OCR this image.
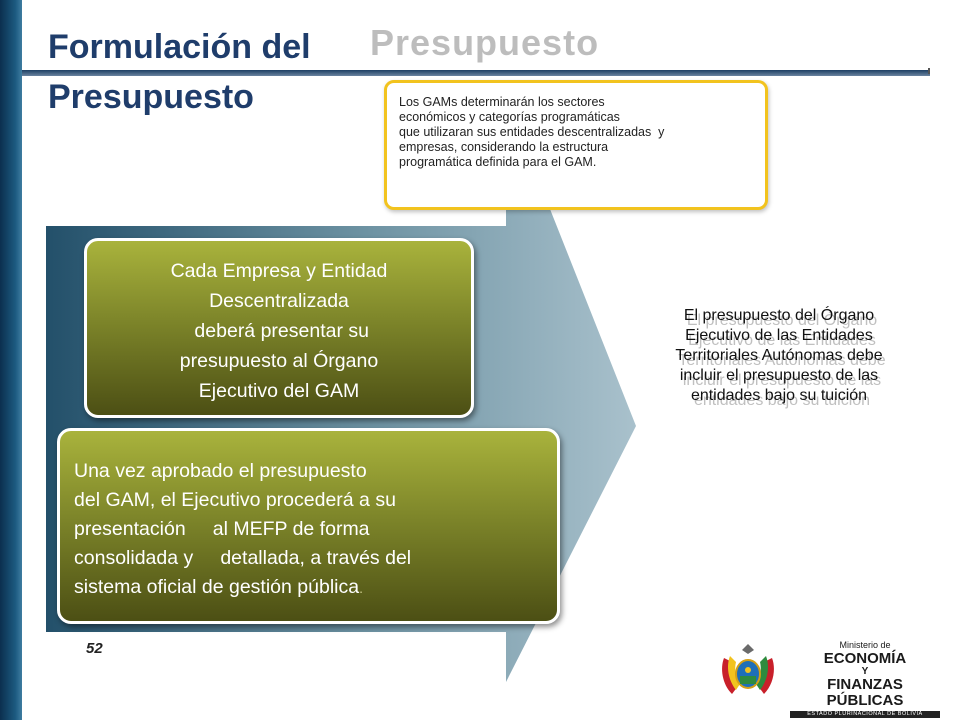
Presupuesto
Formulación del
Presupuesto	Los GAMs determinarán los sectores
económicos y categorías programáticas
que utilizaran sus entidades descentralizadas  y
empresas, considerando la estructura
programática definida para el GAM.
Cada Empresa y Entidad
Descentralizada
deberá presentar su
presupuesto al Órgano
Ejecutivo del GAM
Una vez aprobado el presupuesto
del GAM, el Ejecutivo procederá a su
presentación     al MEFP de forma
consolidada y     detallada, a través del
sistema oficial de gestión pública.
El presupuesto del Órgano
Ejecutivo de las Entidades
Territoriales Autónomas debe
incluir el presupuesto de las
entidades bajo su tuición
52	Ministerio de
ECONOMÍA
Y
FINANZAS PÚBLICAS
ESTADO PLURINACIONAL DE BOLIVIA
